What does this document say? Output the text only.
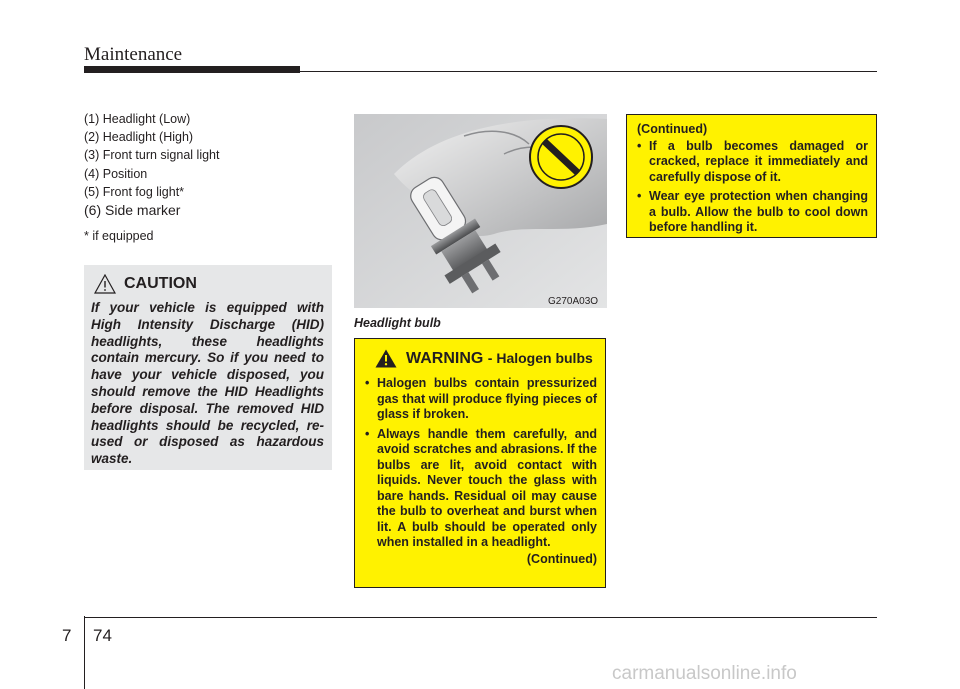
Maintenance
(1) Headlight (Low)
(2) Headlight (High)
(3) Front turn signal light
(4) Position
(5) Front fog light*
(6) Side marker
* if equipped
CAUTION
If your vehicle is equipped with High Intensity Discharge (HID) headlights, these headlights contain mercury. So if you need to have your vehicle disposed, you should remove the HID Headlights before disposal. The removed HID headlights should be recycled, re-used or disposed as hazardous waste.
G270A03O
Headlight bulb
WARNING - Halogen bulbs
• Halogen bulbs contain pressurized gas that will produce flying pieces of glass if broken.
• Always handle them carefully, and avoid scratches and abrasions. If the bulbs are lit, avoid contact with liquids. Never touch the glass with bare hands. Residual oil may cause the bulb to overheat and burst when lit. A bulb should be operated only when installed in a headlight.
(Continued)
(Continued)
• If a bulb becomes damaged or cracked, replace it immediately and carefully dispose of it.
• Wear eye protection when changing a bulb. Allow the bulb to cool down before handling it.
7 74
carmanualsonline.info
